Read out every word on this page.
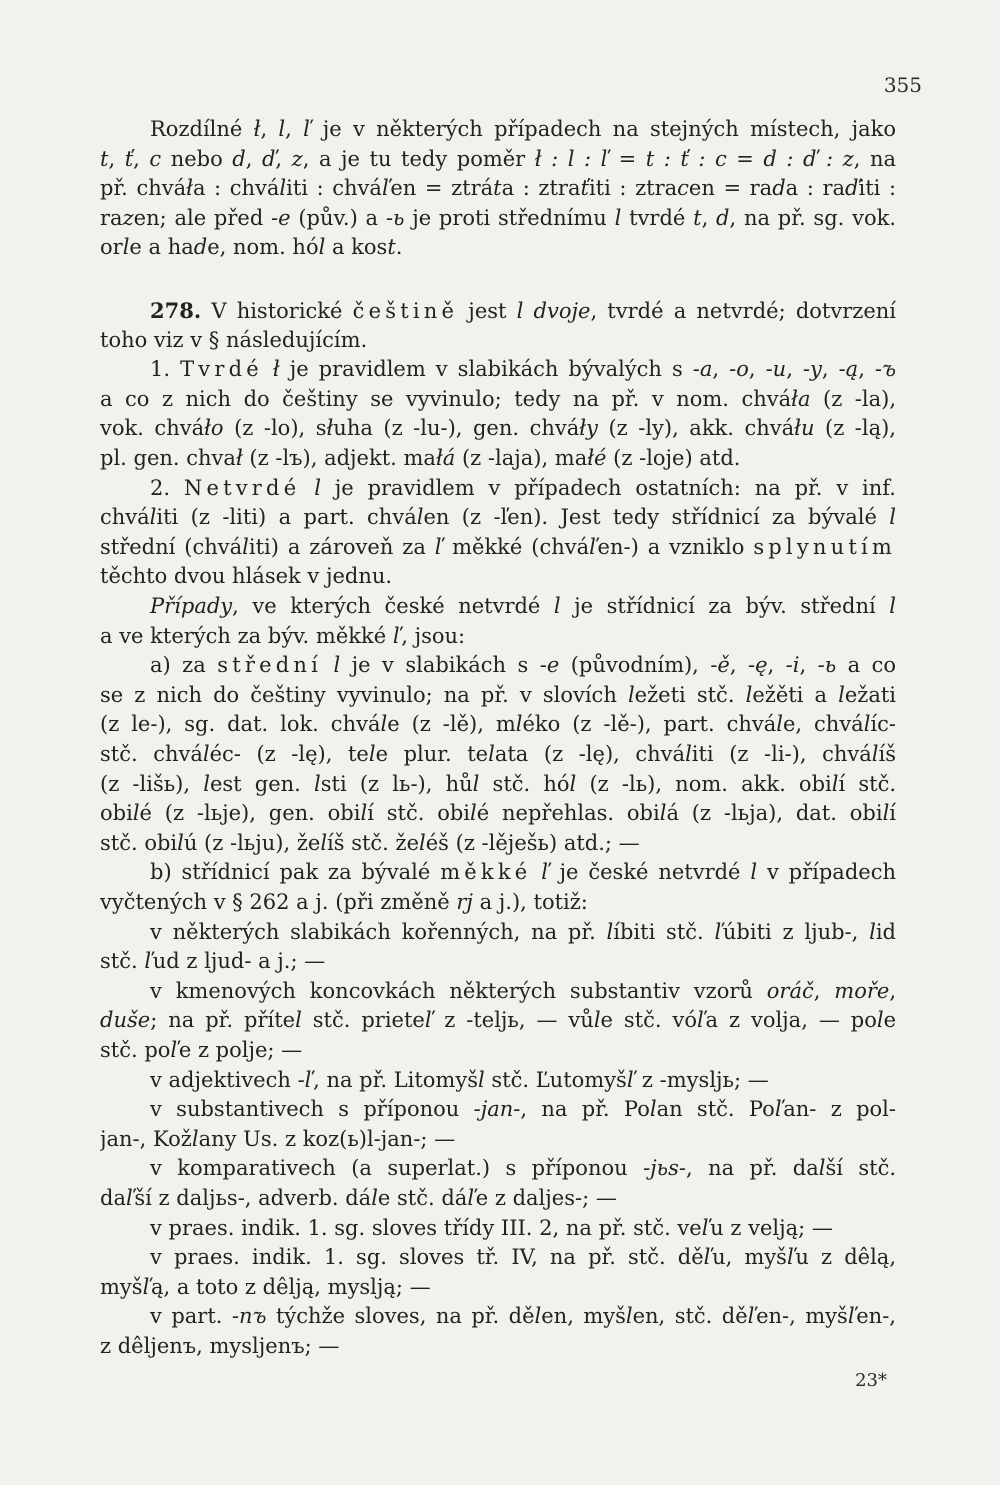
355
Rozdílné ł, l, ľ je v některých případech na stejných místech, jako
t, ť, c nebo d, ď, z, a je tu tedy poměr ł : l : ľ = t : ť : c = d : ď : z, na
př. chváła : chváliti : chváľen = ztráta : ztraťiti : ztracen = rada : raďiti :
razen; ale před -e (pův.) a -ь je proti střednímu l tvrdé t, d, na př. sg. vok.
orle a hade, nom. hól a kost.
278. V historické češtině jest l dvoje, tvrdé a netvrdé; dotvrzení
toho viz v § následujícím.
1. Tvrdé ł je pravidlem v slabikách bývalých s -a, -o, -u, -y, -ą, -ъ
a co z nich do češtiny se vyvinulo; tedy na př. v nom. chváła (z -la),
vok. chváło (z -lo), słuha (z -lu-), gen. chváły (z -ly), akk. chváłu (z -lą),
pl. gen. chvał (z -lъ), adjekt. małá (z -laja), małé (z -loje) atd.
2. Netvrdé l je pravidlem v případech ostatních: na př. v inf.
chváliti (z -liti) a part. chválen (z -ľen). Jest tedy střídnicí za bývalé l
střední (chváliti) a zároveň za ľ měkké (chváľen-) a vzniklo splynutím
těchto dvou hlásek v jednu.
Případy, ve kterých české netvrdé l je střídnicí za býv. střední l
a ve kterých za býv. měkké ľ, jsou:
a) za střední l je v slabikách s -e (původním), -ě, -ę, -i, -ь a co
se z nich do češtiny vyvinulo; na př. v slovích ležeti stč. ležěti a ležati
(z le-), sg. dat. lok. chvále (z -lě), mléko (z -lě-), part. chvále, chválíc-
stč. chváléc- (z -lę), tele plur. telata (z -lę), chváliti (z -li-), chválíš
(z -lišь), lest gen. lsti (z lь-), hůl stč. hól (z -lь), nom. akk. obilí stč.
obilé (z -lьje), gen. obilí stč. obilé nepřehlas. obilá (z -lьja), dat. obilí
stč. obilú (z -lьju), želíš stč. želéš (z -lěješь) atd.; —
b) střídnicí pak za bývalé měkké ľ je české netvrdé l v případech
vyčtených v § 262 a j. (při změně rj a j.), totiž:
v některých slabikách kořenných, na př. líbiti stč. ľúbiti z ljub-, lid
stč. ľud z ljud- a j.; —
v kmenových koncovkách některých substantiv vzorů oráč, moře,
duše; na př. přítel stč. prieteľ z -teljь, — vůle stč. vóľa z volja, — pole
stč. poľe z polje; —
v adjektivech -ľ, na př. Litomyšl stč. Ľutomyšľ z -mysljь; —
v substantivech s příponou -jan-, na př. Polan stč. Poľan- z pol-
jan-, Kožlany Us. z koz(ь)l-jan-; —
v komparativech (a superlat.) s příponou -jьs-, na př. další stč.
daľší z daljьs-, adverb. dále stč. dáľe z daljes-; —
v praes. indik. 1. sg. sloves třídy III. 2, na př. stč. veľu z velją; —
v praes. indik. 1. sg. sloves tř. IV, na př. stč. děľu, myšľu z dêlą,
myšľą, a toto z dêlją, myslją; —
v part. -nъ týchže sloves, na př. dělen, myšlen, stč. děľen-, myšľen-,
z dêljenъ, mysljenъ; —
23*
